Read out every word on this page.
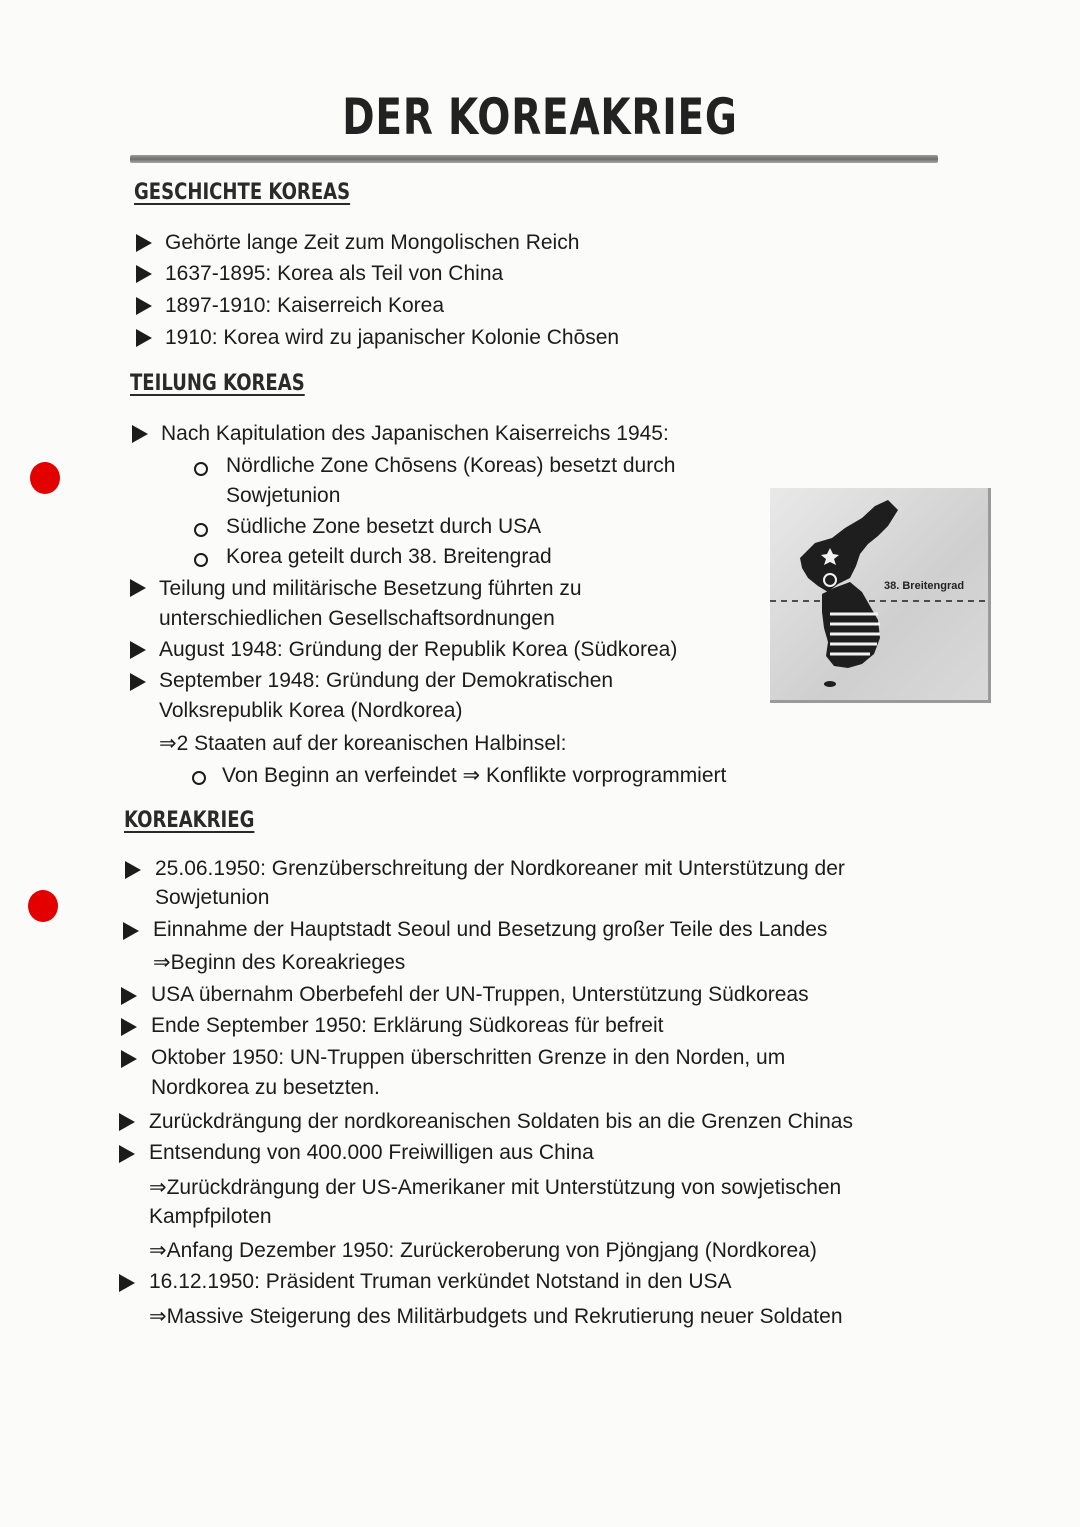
DER KOREAKRIEG
GESCHICHTE KOREAS
Gehörte lange Zeit zum Mongolischen Reich
1637-1895: Korea als Teil von China
1897-1910: Kaiserreich Korea
1910: Korea wird zu japanischer Kolonie Chōsen
TEILUNG KOREAS
Nach Kapitulation des Japanischen Kaiserreichs 1945:
Nördliche Zone Chōsens (Koreas) besetzt durch
Sowjetunion
Südliche Zone besetzt durch USA
Korea geteilt durch 38. Breitengrad
Teilung und militärische Besetzung führten zu
unterschiedlichen Gesellschaftsordnungen
August 1948: Gründung der Republik Korea (Südkorea)
September 1948: Gründung der Demokratischen
Volksrepublik Korea (Nordkorea)
⇒2 Staaten auf der koreanischen Halbinsel:
Von Beginn an verfeindet ⇒ Konflikte vorprogrammiert
38. Breitengrad
KOREAKRIEG
25.06.1950: Grenzüberschreitung der Nordkoreaner mit Unterstützung der
Sowjetunion
Einnahme der Hauptstadt Seoul und Besetzung großer Teile des Landes
⇒Beginn des Koreakrieges
USA übernahm Oberbefehl der UN-Truppen, Unterstützung Südkoreas
Ende September 1950: Erklärung Südkoreas für befreit
Oktober 1950: UN-Truppen überschritten Grenze in den Norden, um
Nordkorea zu besetzten.
Zurückdrängung der nordkoreanischen Soldaten bis an die Grenzen Chinas
Entsendung von 400.000 Freiwilligen aus China
⇒Zurückdrängung der US-Amerikaner mit Unterstützung von sowjetischen
Kampfpiloten
⇒Anfang Dezember 1950: Zurückeroberung von Pjöngjang (Nordkorea)
16.12.1950: Präsident Truman verkündet Notstand in den USA
⇒Massive Steigerung des Militärbudgets und Rekrutierung neuer Soldaten
